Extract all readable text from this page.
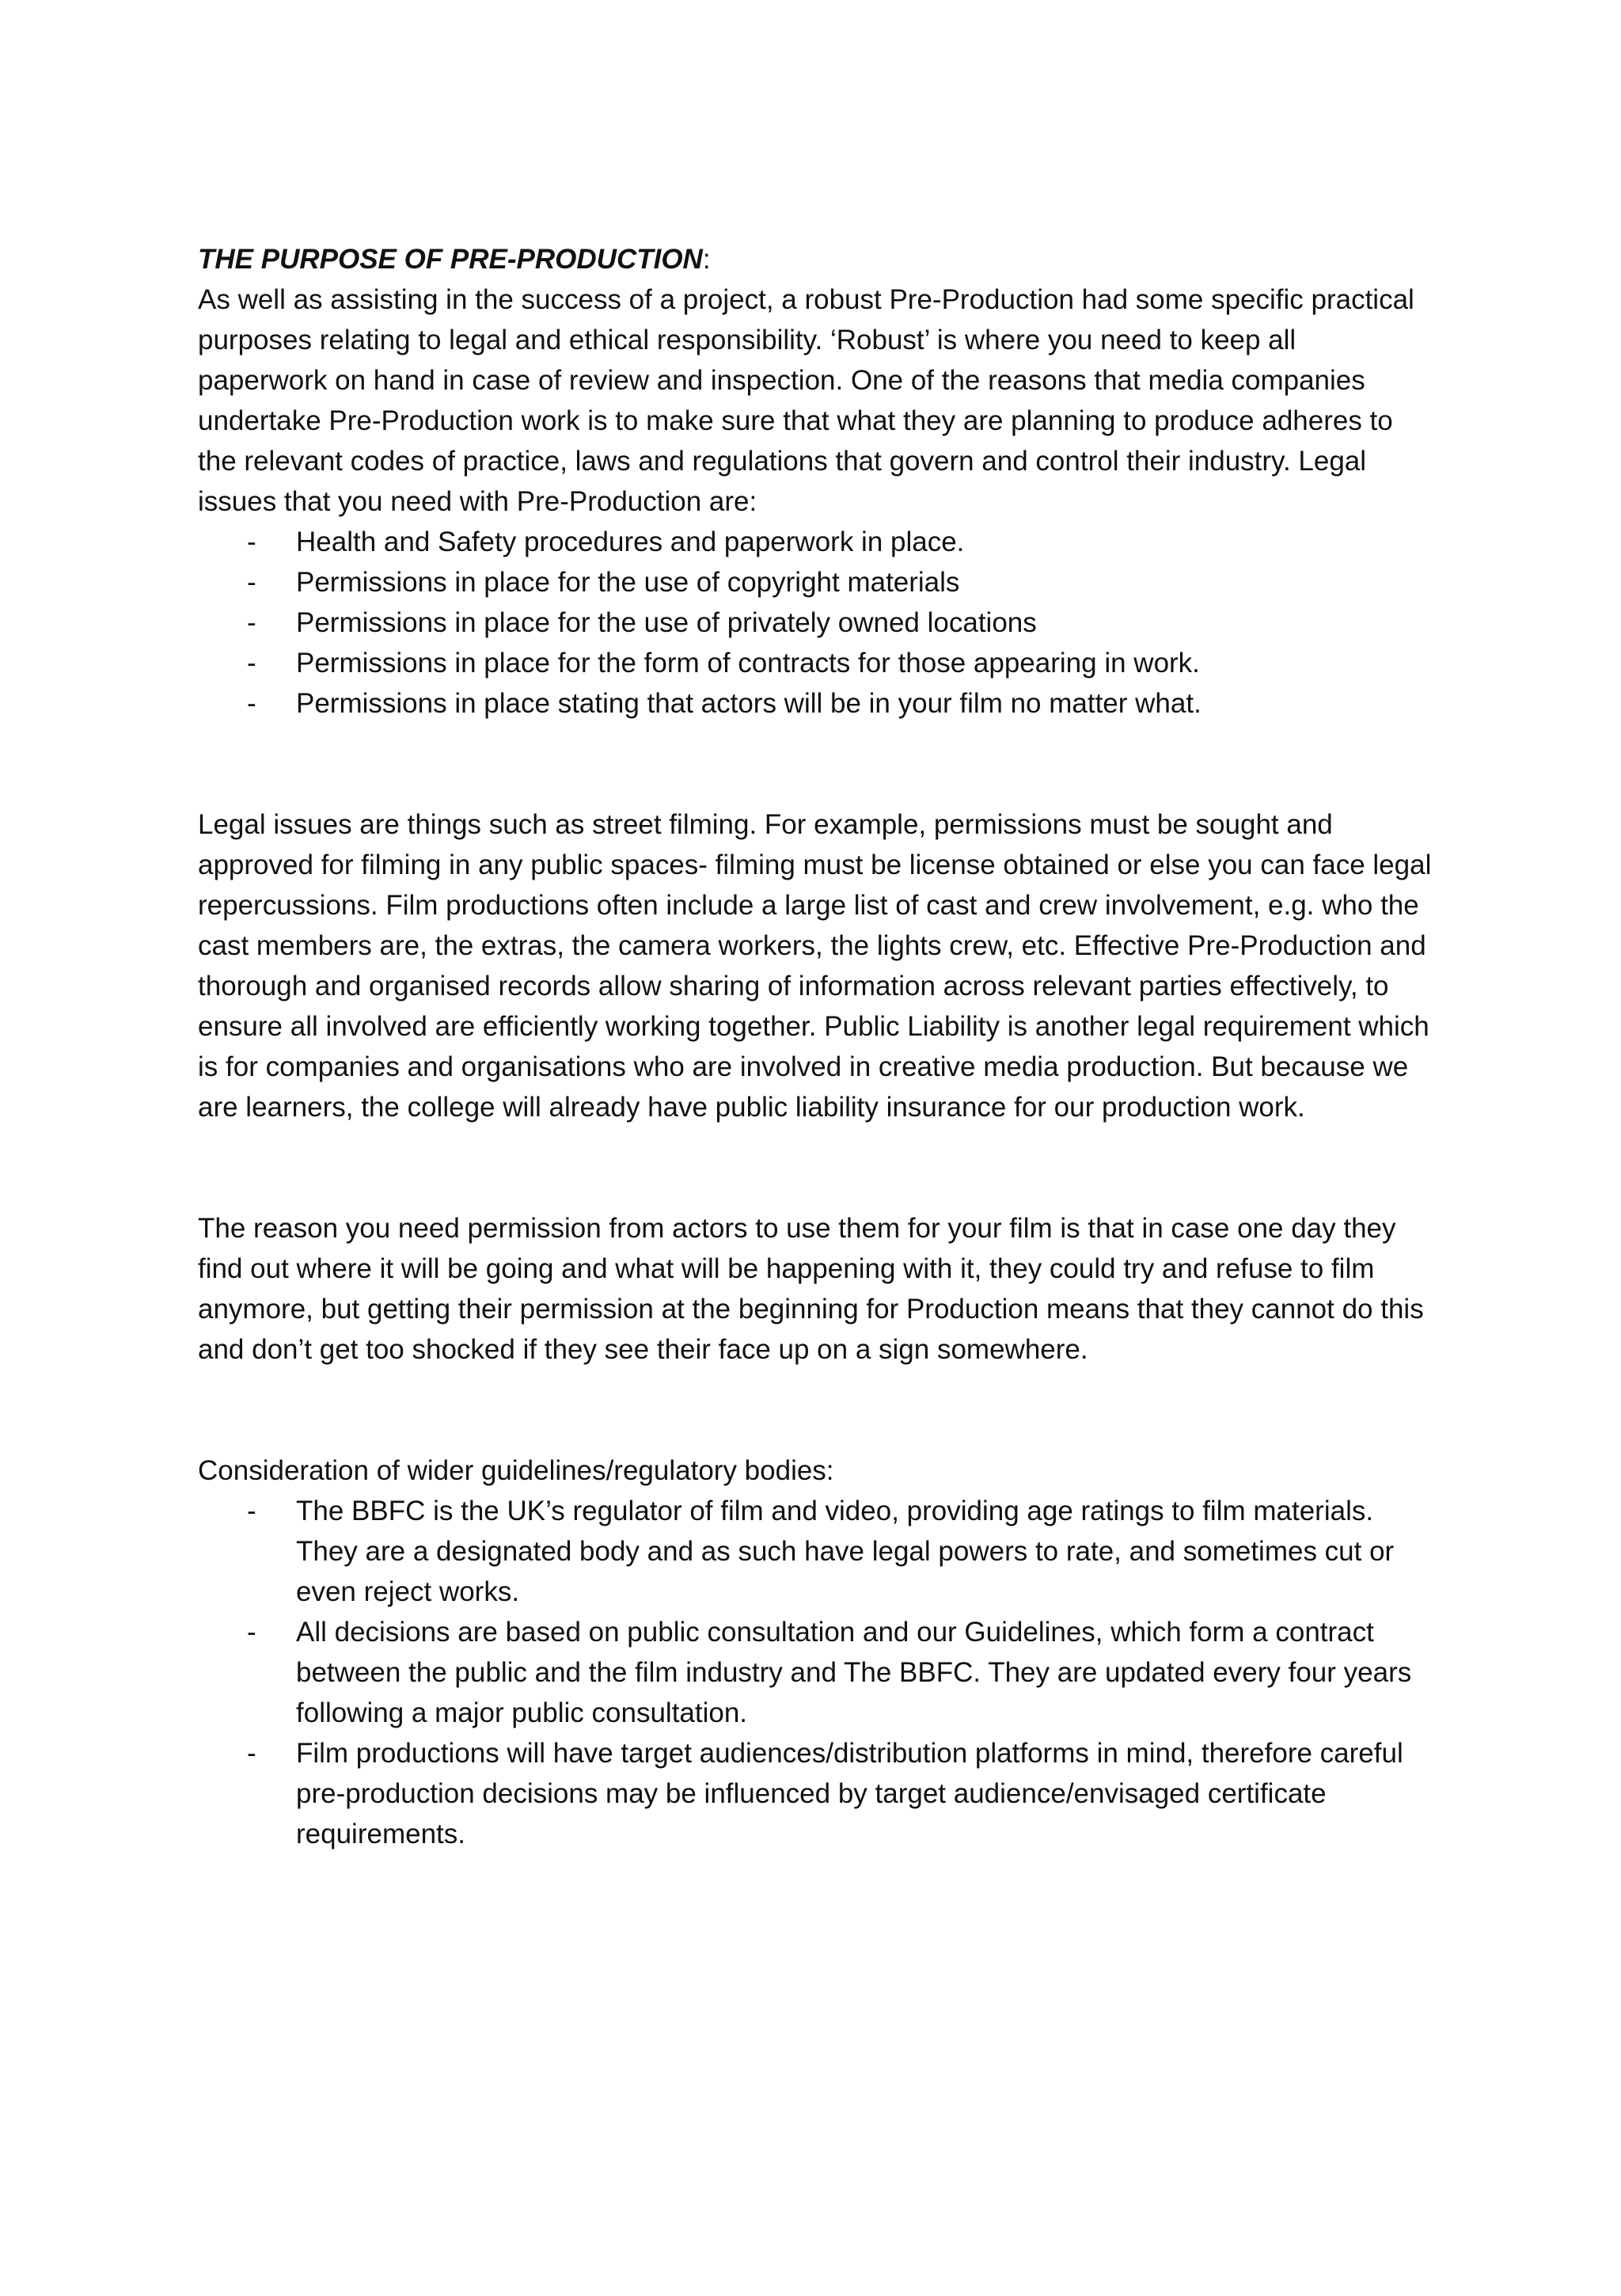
THE PURPOSE OF PRE-PRODUCTION:

As well as assisting in the success of a project, a robust Pre-Production had some specific practical purposes relating to legal and ethical responsibility. ‘Robust’ is where you need to keep all paperwork on hand in case of review and inspection. One of the reasons that media companies undertake Pre-Production work is to make sure that what they are planning to produce adheres to the relevant codes of practice, laws and regulations that govern and control their industry. Legal issues that you need with Pre-Production are:

- Health and Safety procedures and paperwork in place.
- Permissions in place for the use of copyright materials
- Permissions in place for the use of privately owned locations
- Permissions in place for the form of contracts for those appearing in work.
- Permissions in place stating that actors will be in your film no matter what.

Legal issues are things such as street filming. For example, permissions must be sought and approved for filming in any public spaces- filming must be license obtained or else you can face legal repercussions. Film productions often include a large list of cast and crew involvement, e.g. who the cast members are, the extras, the camera workers, the lights crew, etc. Effective Pre-Production and thorough and organised records allow sharing of information across relevant parties effectively, to ensure all involved are efficiently working together. Public Liability is another legal requirement which is for companies and organisations who are involved in creative media production. But because we are learners, the college will already have public liability insurance for our production work.

The reason you need permission from actors to use them for your film is that in case one day they find out where it will be going and what will be happening with it, they could try and refuse to film anymore, but getting their permission at the beginning for Production means that they cannot do this and don’t get too shocked if they see their face up on a sign somewhere.

Consideration of wider guidelines/regulatory bodies:

- The BBFC is the UK’s regulator of film and video, providing age ratings to film materials. They are a designated body and as such have legal powers to rate, and sometimes cut or even reject works.
- All decisions are based on public consultation and our Guidelines, which form a contract between the public and the film industry and The BBFC. They are updated every four years following a major public consultation.
- Film productions will have target audiences/distribution platforms in mind, therefore careful pre-production decisions may be influenced by target audience/envisaged certificate requirements.
